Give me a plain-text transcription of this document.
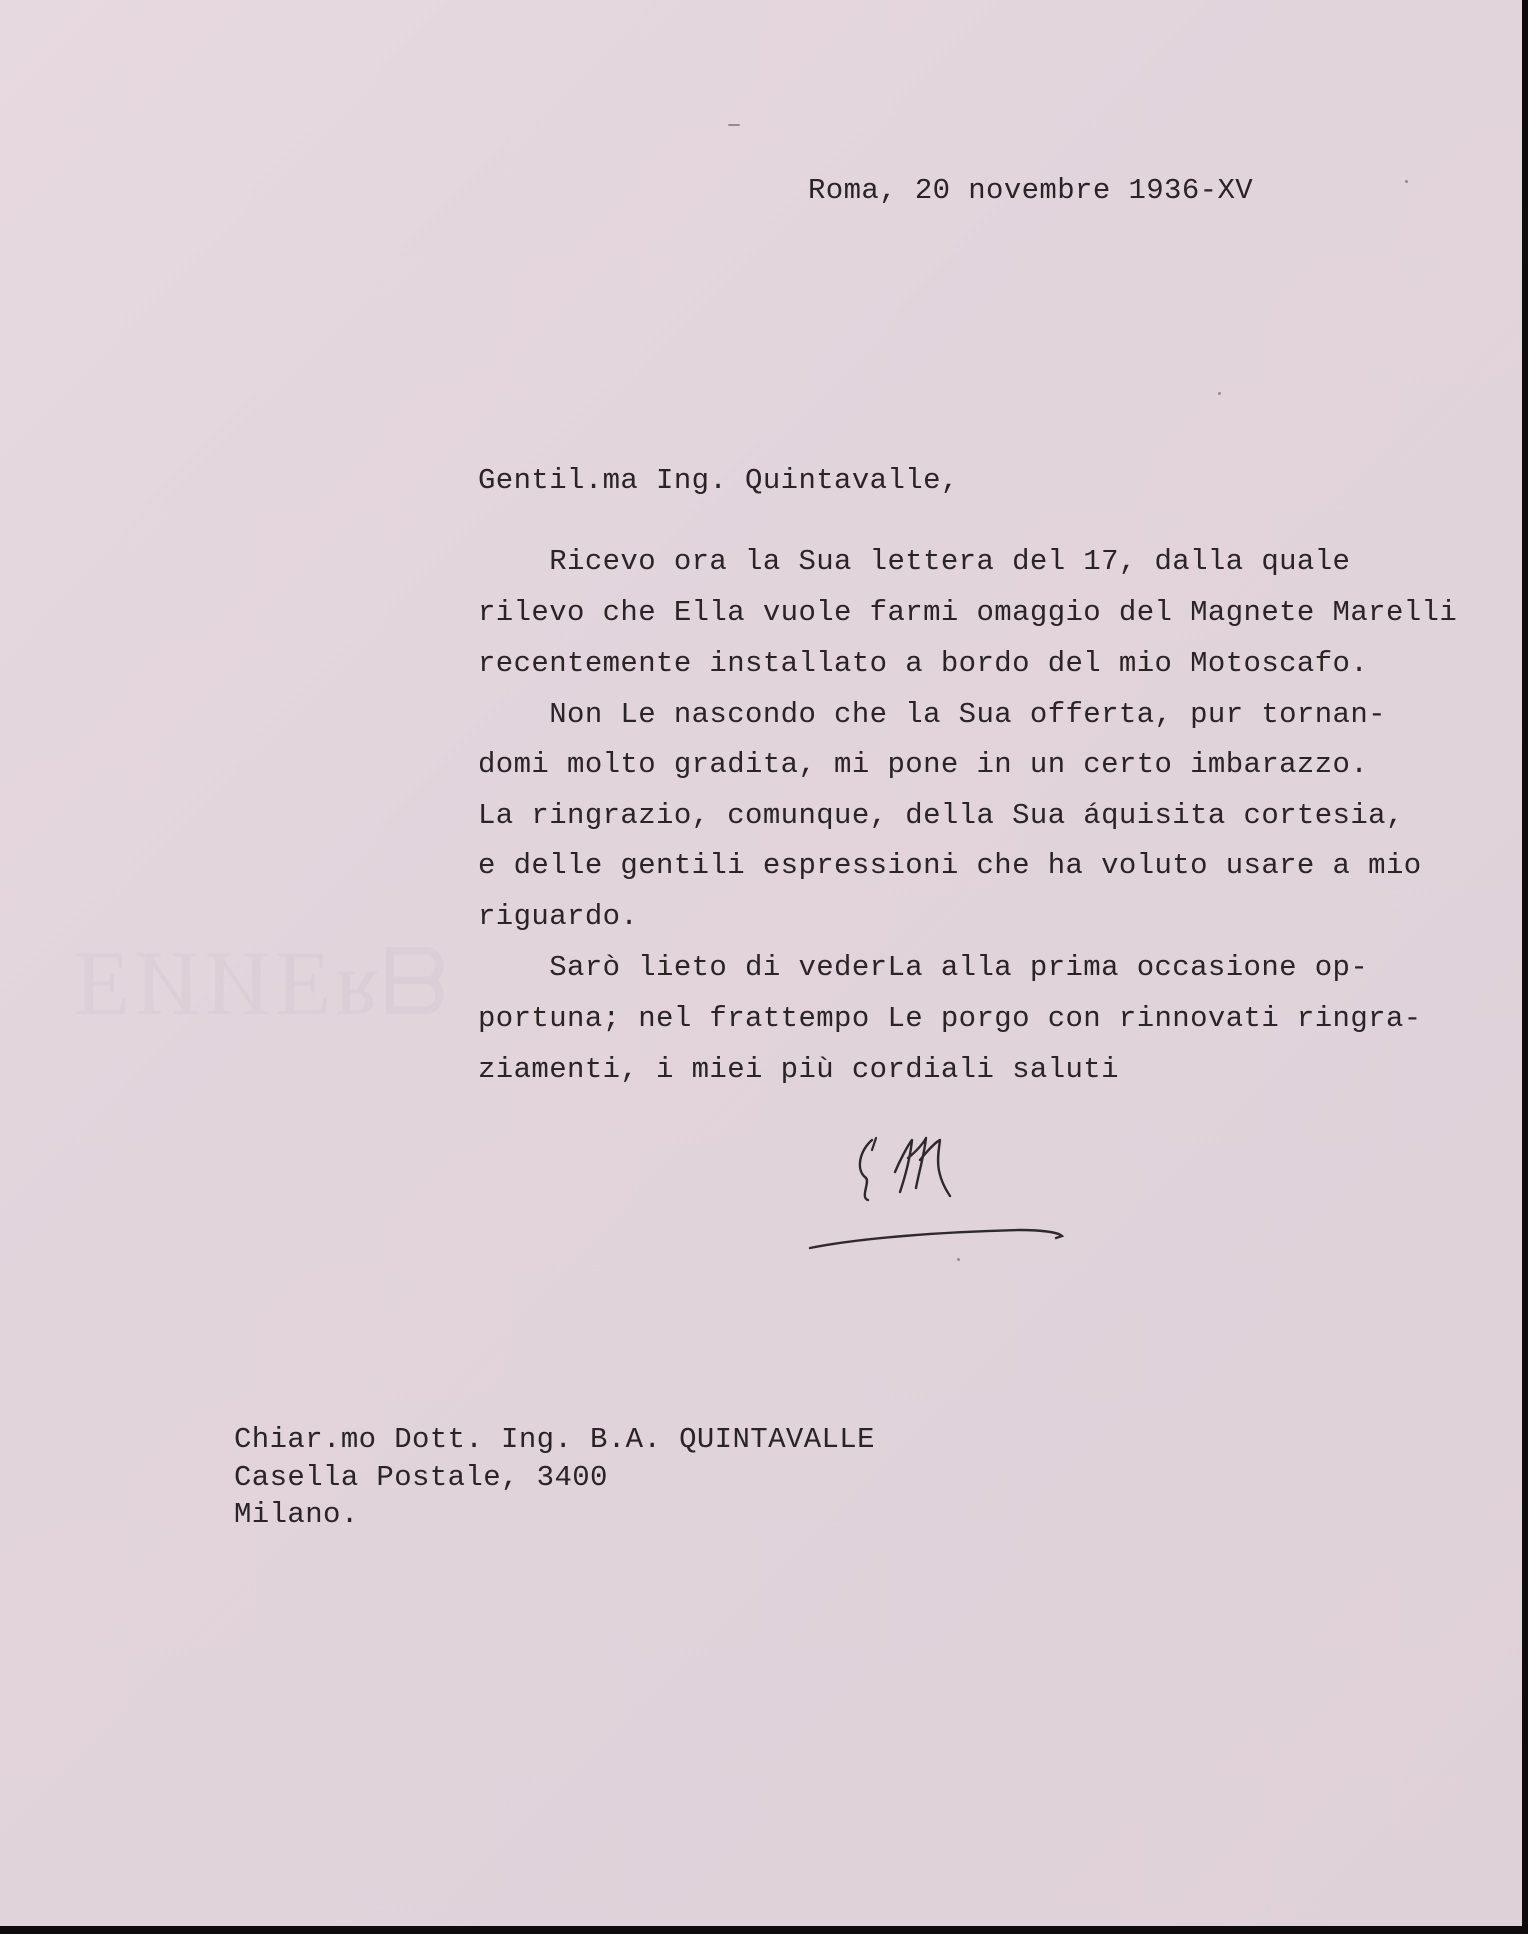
ᗺᴚƎИИƎ
Roma, 20 novembre 1936-XV
Gentil.ma Ing. Quintavalle,
Ricevo ora la Sua lettera del 17, dalla quale
rilevo che Ella vuole farmi omaggio del Magnete Marelli
recentemente installato a bordo del mio Motoscafo.
Non Le nascondo che la Sua offerta, pur tornan-
domi molto gradita, mi pone in un certo imbarazzo.
La ringrazio, comunque, della Sua áquisita cortesia,
e delle gentili espressioni che ha voluto usare a mio
riguardo.
Sarò lieto di vederLa alla prima occasione op-
portuna; nel frattempo Le porgo con rinnovati ringra-
ziamenti, i miei più cordiali saluti
Chiar.mo Dott. Ing. B.A. QUINTAVALLE
Casella Postale, 3400
Milano.
